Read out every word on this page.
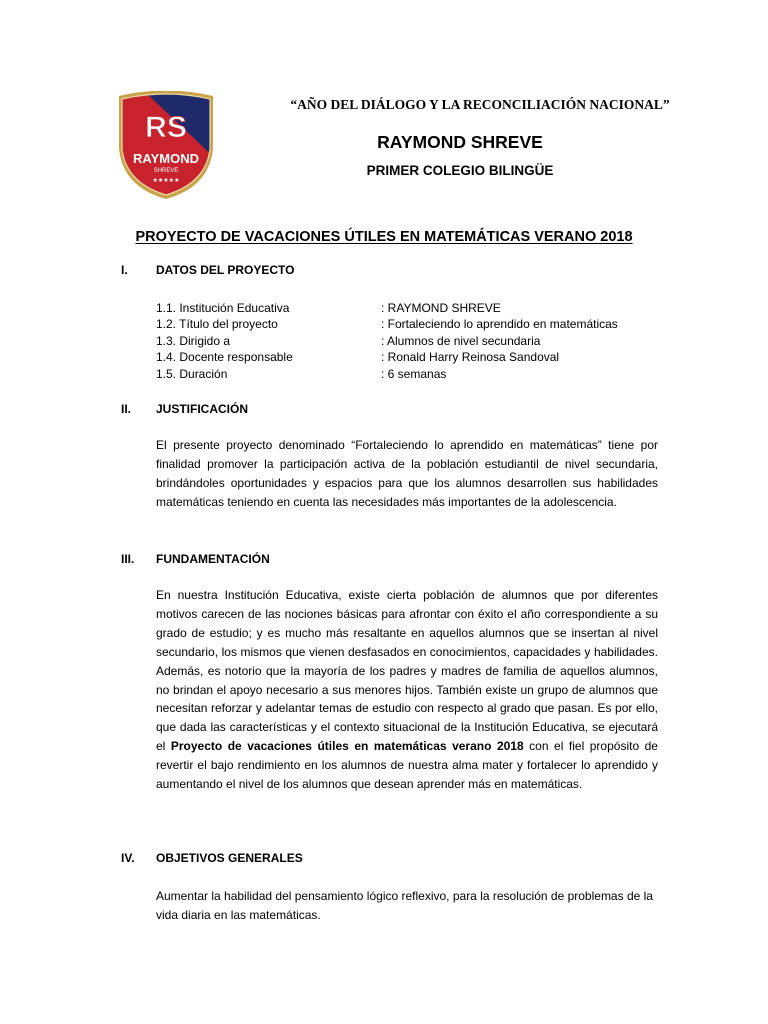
RS
RAYMOND
SHREVE
★★★★★
“AÑO DEL DIÁLOGO Y LA RECONCILIACIÓN NACIONAL”
RAYMOND SHREVE
PRIMER COLEGIO BILINGÜE
PROYECTO DE VACACIONES ÚTILES EN MATEMÁTICAS VERANO 2018
I. DATOS DEL PROYECTO
1.1. Institución Educativa	: RAYMOND SHREVE
1.2. Título del proyecto	: Fortaleciendo lo aprendido en matemáticas
1.3. Dirigido a	: Alumnos de nivel secundaria
1.4. Docente responsable	: Ronald Harry Reinosa Sandoval
1.5. Duración	: 6 semanas
II. JUSTIFICACIÓN

El presente proyecto denominado “Fortaleciendo lo aprendido en matemáticas” tiene por finalidad promover la participación activa de la población estudiantil de nivel secundaria, brindándoles oportunidades y espacios para que los alumnos desarrollen sus habilidades matemáticas teniendo en cuenta las necesidades más importantes de la adolescencia.

III. FUNDAMENTACIÓN

En nuestra Institución Educativa, existe cierta población de alumnos que por diferentes motivos carecen de las nociones básicas para afrontar con éxito el año correspondiente a su grado de estudio; y es mucho más resaltante en aquellos alumnos que se insertan al nivel secundario, los mismos que vienen desfasados en conocimientos, capacidades y habilidades. Además, es notorio que la mayoría de los padres y madres de familia de aquellos alumnos, no brindan el apoyo necesario a sus menores hijos. También existe un grupo de alumnos que necesitan reforzar y adelantar temas de estudio con respecto al grado que pasan. Es por ello, que dada las características y el contexto situacional de la Institución Educativa, se ejecutará el Proyecto de vacaciones útiles en matemáticas verano 2018 con el fiel propósito de revertir el bajo rendimiento en los alumnos de nuestra alma mater y fortalecer lo aprendido y aumentando el nivel de los alumnos que desean aprender más en matemáticas.

IV. OBJETIVOS GENERALES

Aumentar la habilidad del pensamiento lógico reflexivo, para la resolución de problemas de la vida diaria en las matemáticas.
